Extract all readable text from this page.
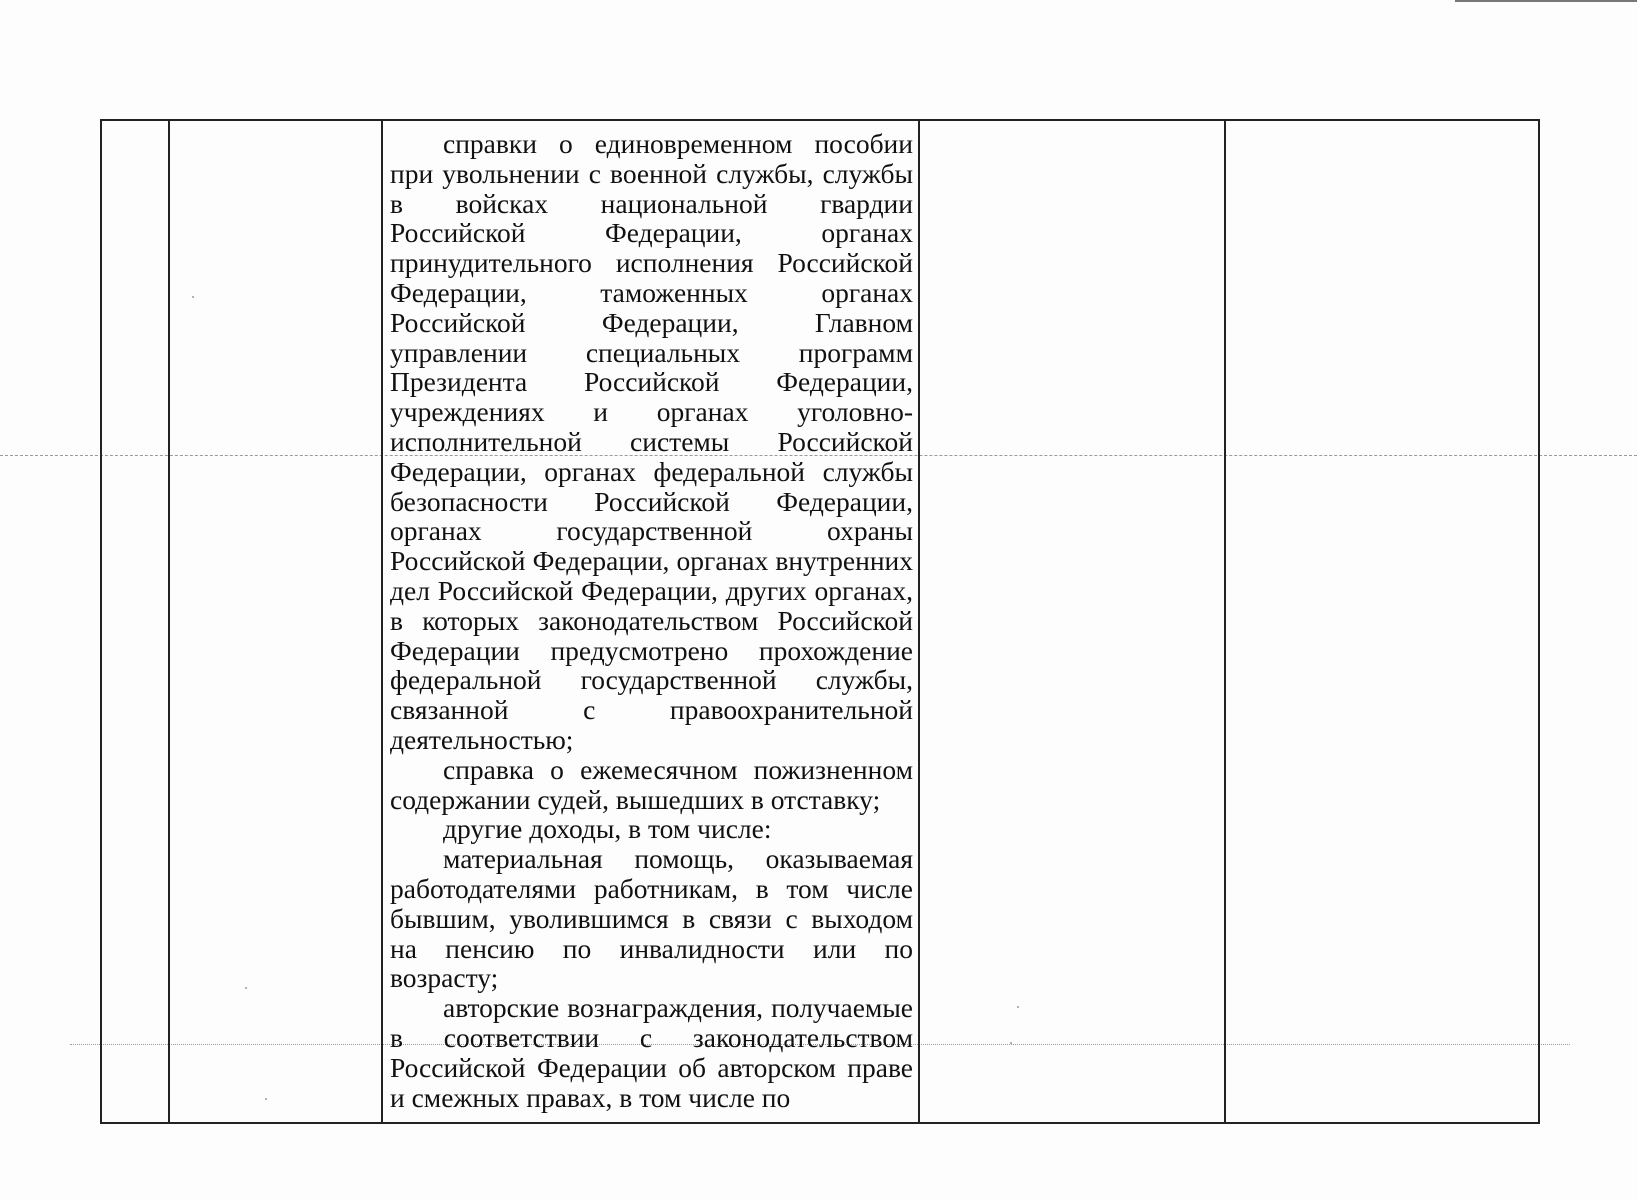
справки о единовременном пособии при увольнении с военной службы, службы в войсках национальной гвардии Российской Федерации, органах принудительного исполнения Российской Федерации, таможенных органах Российской Федерации, Главном управлении специальных программ Президента Российской Федерации, учреждениях и органах уголовно-исполнительной системы Российской Федерации, органах федеральной службы безопасности Российской Федерации, органах государственной охраны Российской Федерации, органах внутренних дел Российской Федерации, других органах, в которых законодательством Российской Федерации предусмотрено прохождение федеральной государственной службы, связанной с правоохранительной деятельностью;

справка о ежемесячном пожизненном содержании судей, вышедших в отставку;

другие доходы, в том числе:

материальная помощь, оказываемая работодателями работникам, в том числе бывшим, уволившимся в связи с выходом на пенсию по инвалидности или по возрасту;

авторские вознаграждения, получаемые в соответствии с законодательством Российской Федерации об авторском праве и смежных правах, в том числе по
